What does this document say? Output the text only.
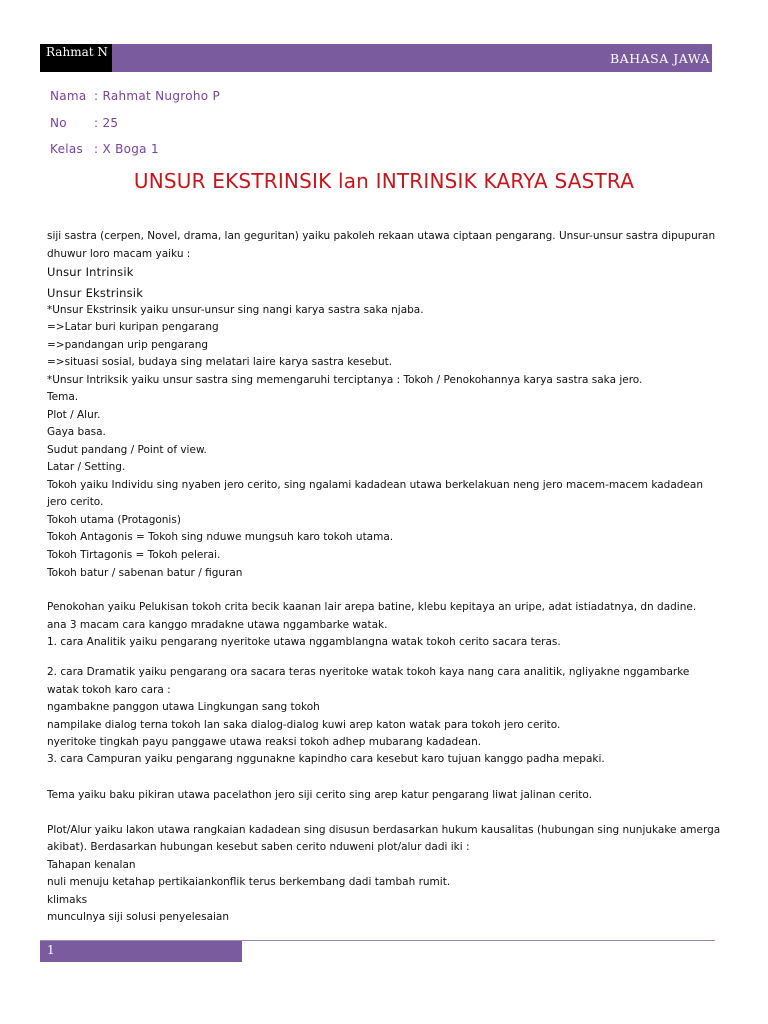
Rahmat N	BAHASA JAWA
Nama : Rahmat Nugroho P
No : 25
Kelas : X Boga 1
UNSUR EKSTRINSIK lan INTRINSIK KARYA SASTRA
siji sastra (cerpen, Novel, drama, lan geguritan) yaiku pakoleh rekaan utawa ciptaan pengarang. Unsur-unsur sastra dipupuran
dhuwur loro macam yaiku :
Unsur Intrinsik
Unsur Ekstrinsik
*Unsur Ekstrinsik yaiku unsur-unsur sing nangi karya sastra saka njaba.
=>Latar buri kuripan pengarang
=>pandangan urip pengarang
=>situasi sosial, budaya sing melatari laire karya sastra kesebut.
*Unsur Intriksik yaiku unsur sastra sing memengaruhi terciptanya : Tokoh / Penokohannya karya sastra saka jero.
Tema.
Plot / Alur.
Gaya basa.
Sudut pandang / Point of view.
Latar / Setting.
Tokoh yaiku Individu sing nyaben jero cerito, sing ngalami kadadean utawa berkelakuan neng jero macem-macem kadadean
jero cerito.
Tokoh utama (Protagonis)
Tokoh Antagonis = Tokoh sing nduwe mungsuh karo tokoh utama.
Tokoh Tirtagonis = Tokoh pelerai.
Tokoh batur / sabenan batur / figuran
Penokohan yaiku Pelukisan tokoh crita becik kaanan lair arepa batine, klebu kepitaya an uripe, adat istiadatnya, dn dadine.
ana 3 macam cara kanggo mradakne utawa nggambarke watak.
1. cara Analitik yaiku pengarang nyeritoke utawa nggamblangna watak tokoh cerito sacara teras.
2. cara Dramatik yaiku pengarang ora sacara teras nyeritoke watak tokoh kaya nang cara analitik, ngliyakne nggambarke
watak tokoh karo cara :
ngambakne panggon utawa Lingkungan sang tokoh
nampilake dialog terna tokoh lan saka dialog-dialog kuwi arep katon watak para tokoh jero cerito.
nyeritoke tingkah payu panggawe utawa reaksi tokoh adhep mubarang kadadean.
3. cara Campuran yaiku pengarang nggunakne kapindho cara kesebut karo tujuan kanggo padha mepaki.
Tema yaiku baku pikiran utawa pacelathon jero siji cerito sing arep katur pengarang liwat jalinan cerito.
Plot/Alur yaiku lakon utawa rangkaian kadadean sing disusun berdasarkan hukum kausalitas (hubungan sing nunjukake amerga
akibat). Berdasarkan hubungan kesebut saben cerito nduweni plot/alur dadi iki :
Tahapan kenalan
nuli menuju ketahap pertikaiankonflik terus berkembang dadi tambah rumit.
klimaks
munculnya siji solusi penyelesaian
1
